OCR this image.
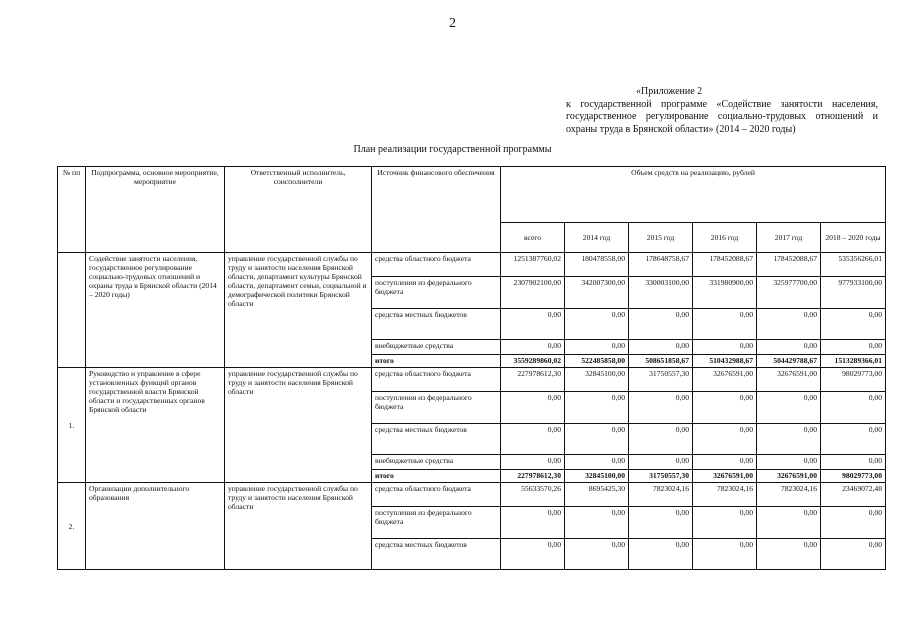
2
«Приложение 2
к государственной программе «Содействие занятости населения,
государственное регулирование социально-трудовых отношений и
охраны труда в Брянской области» (2014 – 2020 годы)
План реализации государственной программы
№ пп	Подпрограмма, основное мероприятие, мероприятие	Ответственный исполнитель, соисполнители	Источник финансового обеспечения	Объем средств на реализацию, рублей					
				всего	2014 год	2015 год	2016 год	2017 год	2018 – 2020 годы
	Содействие занятости населения, государственное регулирование социально-трудовых отношений и охраны труда в Брянской области (2014 – 2020 годы)	управление государственной службы по труду и занятости населения Брянской области, департамент культуры Брянской области, департамент семьи, социальной и демографической политики Брянской области	средства областного бюджета	1251387760,02	180478558,00	178648758,67	178452088,67	178452088,67	535356266,01
			поступления из федерального бюджета	2307902100,00	342007300,00	330003100,00	331980900,00	325977700,00	977933100,00
			средства местных бюджетов	0,00	0,00	0,00	0,00	0,00	0,00
			внебюджетные средства	0,00	0,00	0,00	0,00	0,00	0,00
			итого	3559289860,02	522485858,00	508651858,67	510432988,67	504429788,67	1513289366,01
1.	Руководство и управление в сфере установленных функций органов государственной власти Брянской области и государственных органов Брянской области	управление государственной службы по труду и занятости населения Брянской области	средства областного бюджета	227978612,30	32845100,00	31750557,30	32676591,00	32676591,00	98029773,00
			поступления из федерального бюджета	0,00	0,00	0,00	0,00	0,00	0,00
			средства местных бюджетов	0,00	0,00	0,00	0,00	0,00	0,00
			внебюджетные средства	0,00	0,00	0,00	0,00	0,00	0,00
			итого	227978612,30	32845100,00	31750557,30	32676591,00	32676591,00	98029773,00
2.	Организации дополнительного образования	управление государственной службы по труду и занятости населения Брянской области	средства областного бюджета	55633570,26	8695425,30	7823024,16	7823024,16	7823024,16	23469072,48
			поступления из федерального бюджета	0,00	0,00	0,00	0,00	0,00	0,00
			средства местных бюджетов	0,00	0,00	0,00	0,00	0,00	0,00
